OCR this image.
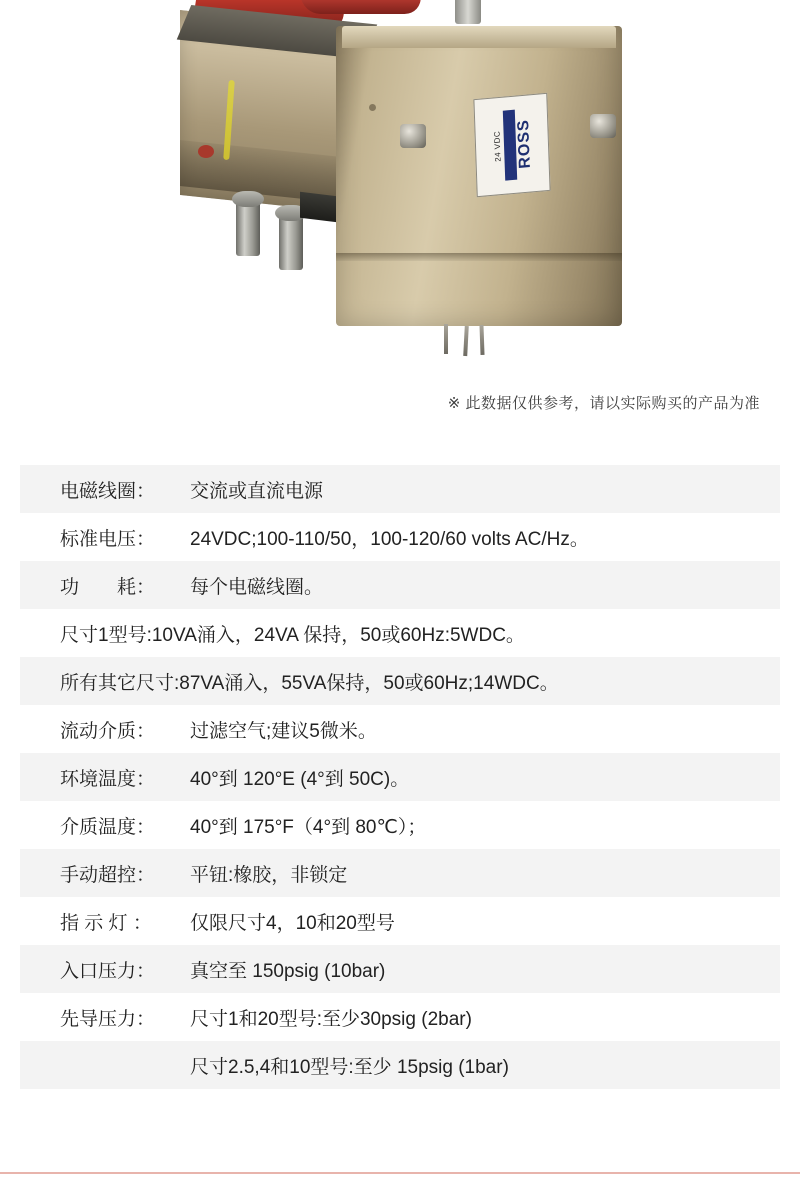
24 VDC ROSS
※ 此数据仅供参考，请以实际购买的产品为准
电磁线圈：	交流或直流电源
标准电压：	24VDC;100-110/50，100-120/60 volts AC/Hz。
功　　耗：	每个电磁线圈。
尺寸1型号:10VA涌入，24VA 保持，50或60Hz:5WDC。
所有其它尺寸:87VA涌入，55VA保持，50或60Hz;14WDC。
流动介质：	过滤空气;建议5微米。
环境温度：	40°到 120°E (4°到 50C)。
介质温度：	40°到 175°F（4°到 80℃）；
手动超控：	平钮:橡胶，非锁定
指 示 灯 ：	仅限尺寸4，10和20型号
入口压力：	真空至 150psig (10bar)
先导压力：	尺寸1和20型号:至少30psig (2bar)
尺寸2.5,4和10型号:至少 15psig (1bar)
